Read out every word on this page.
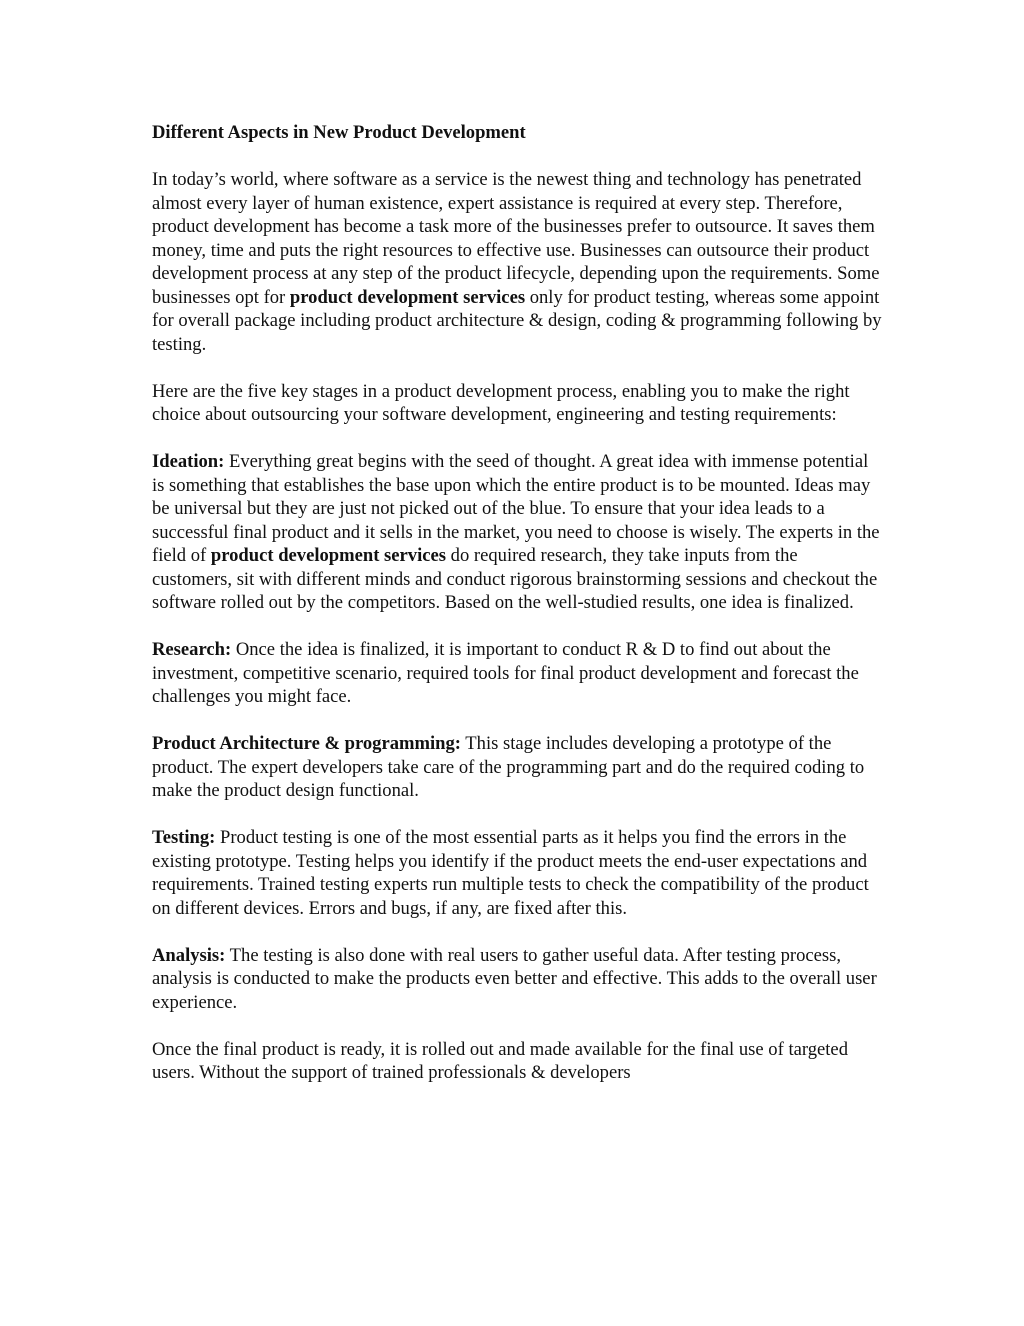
Different Aspects in New Product Development

In today’s world, where software as a service is the newest thing and technology has penetrated almost every layer of human existence, expert assistance is required at every step. Therefore, product development has become a task more of the businesses prefer to outsource. It saves them money, time and puts the right resources to effective use. Businesses can outsource their product development process at any step of the product lifecycle, depending upon the requirements. Some businesses opt for product development services only for product testing, whereas some appoint for overall package including product architecture & design, coding & programming following by testing.

Here are the five key stages in a product development process, enabling you to make the right choice about outsourcing your software development, engineering and testing requirements:

Ideation: Everything great begins with the seed of thought. A great idea with immense potential is something that establishes the base upon which the entire product is to be mounted. Ideas may be universal but they are just not picked out of the blue. To ensure that your idea leads to a successful final product and it sells in the market, you need to choose is wisely. The experts in the field of product development services do required research, they take inputs from the customers, sit with different minds and conduct rigorous brainstorming sessions and checkout the software rolled out by the competitors. Based on the well-studied results, one idea is finalized.

Research: Once the idea is finalized, it is important to conduct R & D to find out about the investment, competitive scenario, required tools for final product development and forecast the challenges you might face.

Product Architecture & programming: This stage includes developing a prototype of the product. The expert developers take care of the programming part and do the required coding to make the product design functional.

Testing: Product testing is one of the most essential parts as it helps you find the errors in the existing prototype. Testing helps you identify if the product meets the end-user expectations and requirements. Trained testing experts run multiple tests to check the compatibility of the product on different devices. Errors and bugs, if any, are fixed after this.

Analysis: The testing is also done with real users to gather useful data. After testing process, analysis is conducted to make the products even better and effective. This adds to the overall user experience.

Once the final product is ready, it is rolled out and made available for the final use of targeted users. Without the support of trained professionals & developers
